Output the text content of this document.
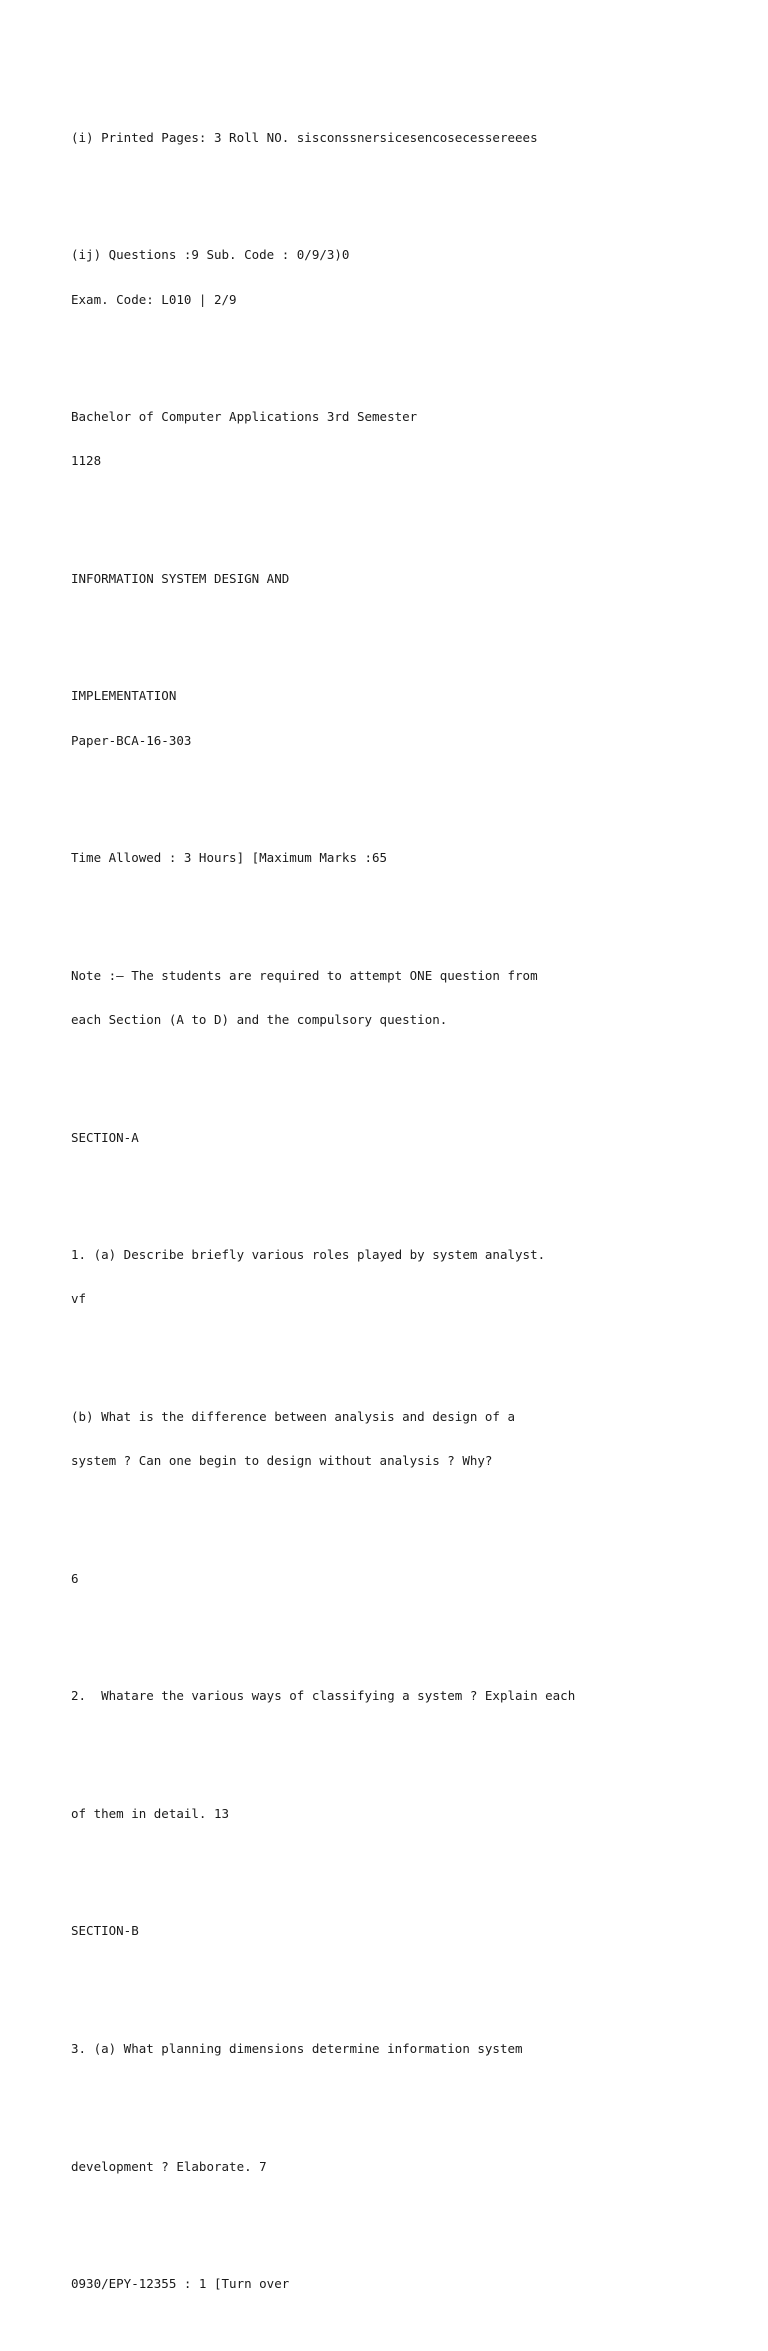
(i) Printed Pages: 3 Roll NO. sisconssnersicesencosecessereees

(ij) Questions :9 Sub. Code : 0/9/3)0

Exam. Code: L010 | 2/9

Bachelor of Computer Applications 3rd Semester

1128

INFORMATION SYSTEM DESIGN AND

IMPLEMENTATION

Paper-BCA-16-303

Time Allowed : 3 Hours] [Maximum Marks :65

Note :— The students are required to attempt ONE question from

each Section (A to D) and the compulsory question.

SECTION-A

1. (a) Describe briefly various roles played by system analyst.

vf

(b) What is the difference between analysis and design of a

system ? Can one begin to design without analysis ? Why?

6

2.  Whatare the various ways of classifying a system ? Explain each

of them in detail. 13

SECTION-B

3. (a) What planning dimensions determine information system

development ? Elaborate. 7

0930/EPY-12355 : 1 [Turn over
